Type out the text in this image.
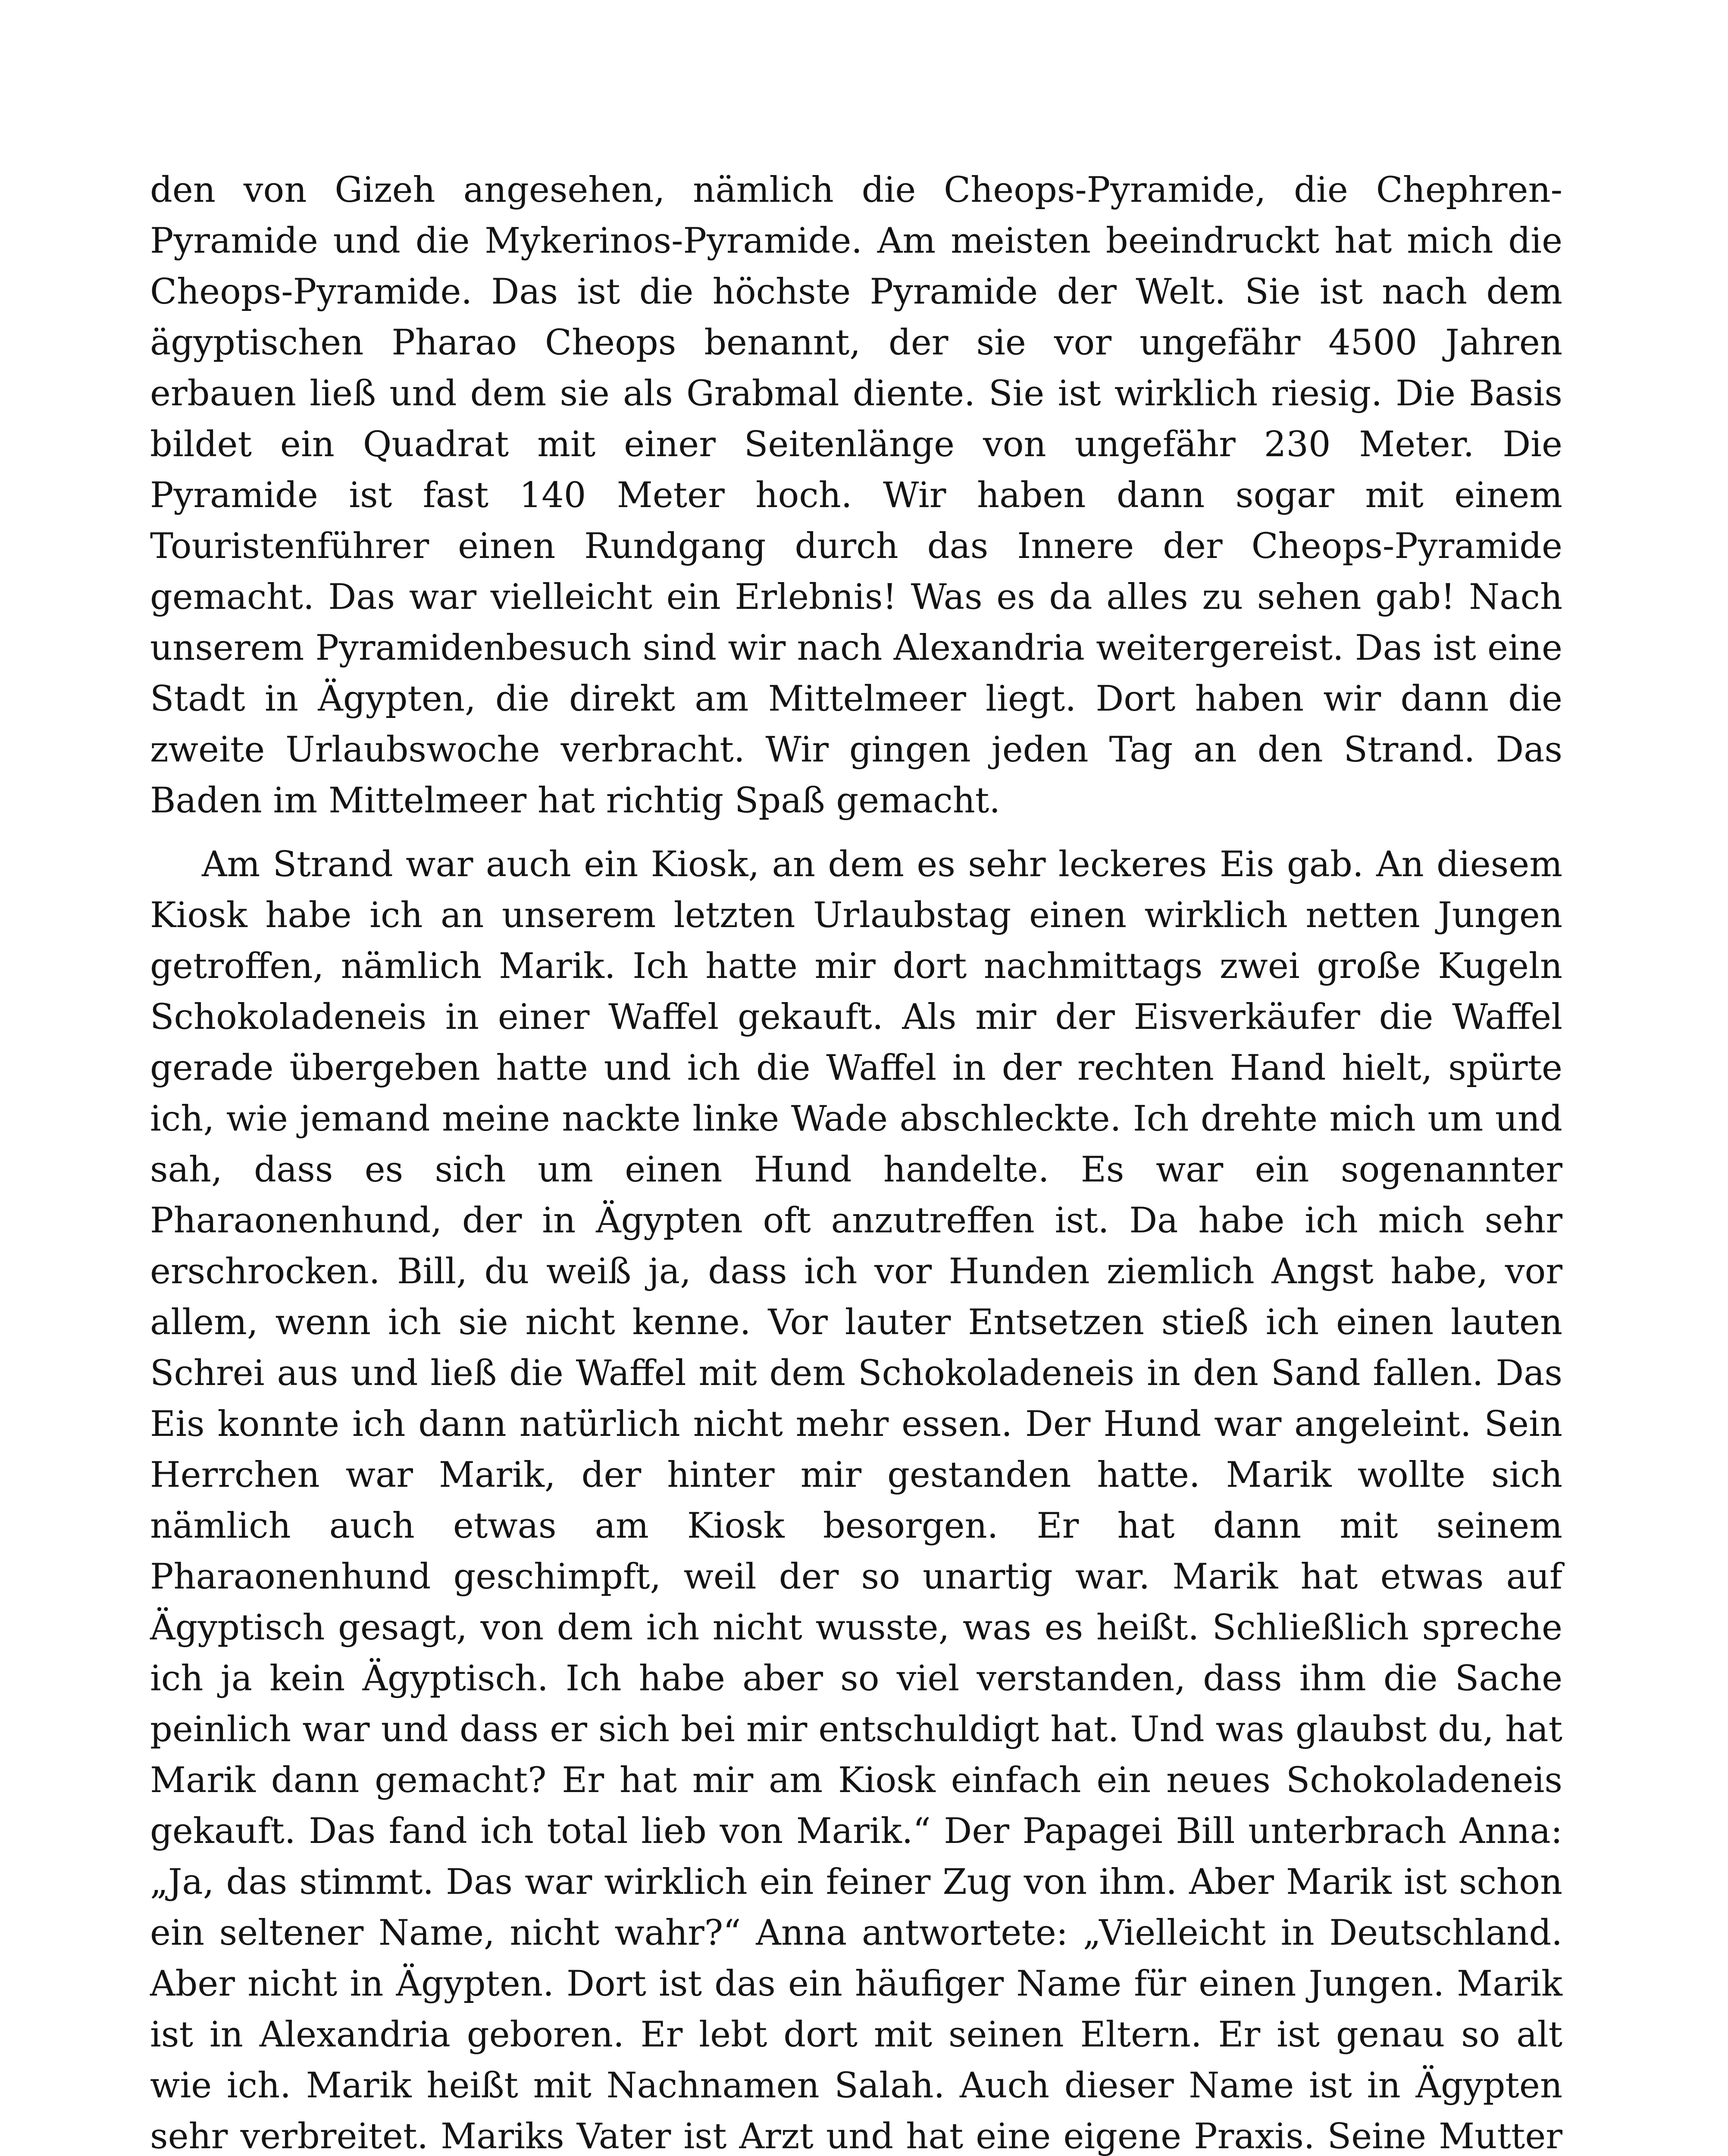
den von Gizeh angesehen, nämlich die Cheops-Pyramide, die Chephren-Pyramide und die Mykerinos-Pyramide. Am meisten beeindruckt hat mich die Cheops-Pyramide. Das ist die höchste Pyramide der Welt. Sie ist nach dem ägyptischen Pharao Cheops benannt, der sie vor ungefähr 4500 Jahren erbauen ließ und dem sie als Grabmal diente. Sie ist wirklich riesig. Die Basis bildet ein Quadrat mit einer Seitenlänge von ungefähr 230 Meter. Die Pyramide ist fast 140 Meter hoch. Wir haben dann sogar mit einem Touristenführer einen Rundgang durch das Innere der Cheops-Pyramide gemacht. Das war vielleicht ein Erlebnis! Was es da alles zu sehen gab! Nach unserem Pyramidenbesuch sind wir nach Alexandria weitergereist. Das ist eine Stadt in Ägypten, die direkt am Mittelmeer liegt. Dort haben wir dann die zweite Urlaubswoche verbracht. Wir gingen jeden Tag an den Strand. Das Baden im Mittelmeer hat richtig Spaß gemacht.

Am Strand war auch ein Kiosk, an dem es sehr leckeres Eis gab. An diesem Kiosk habe ich an unserem letzten Urlaubstag einen wirklich netten Jungen getroffen, nämlich Marik. Ich hatte mir dort nachmittags zwei große Kugeln Schokoladeneis in einer Waffel gekauft. Als mir der Eisverkäufer die Waffel gerade übergeben hatte und ich die Waffel in der rechten Hand hielt, spürte ich, wie jemand meine nackte linke Wade abschleckte. Ich drehte mich um und sah, dass es sich um einen Hund handelte. Es war ein sogenannter Pharaonenhund, der in Ägypten oft anzutreffen ist. Da habe ich mich sehr erschrocken. Bill, du weiß ja, dass ich vor Hunden ziemlich Angst habe, vor allem, wenn ich sie nicht kenne. Vor lauter Entsetzen stieß ich einen lauten Schrei aus und ließ die Waffel mit dem Schokoladeneis in den Sand fallen. Das Eis konnte ich dann natürlich nicht mehr essen. Der Hund war angeleint. Sein Herrchen war Marik, der hinter mir gestanden hatte. Marik wollte sich nämlich auch etwas am Kiosk besorgen. Er hat dann mit seinem Pharaonenhund geschimpft, weil der so unartig war. Marik hat etwas auf Ägyptisch gesagt, von dem ich nicht wusste, was es heißt. Schließlich spreche ich ja kein Ägyptisch. Ich habe aber so viel verstanden, dass ihm die Sache peinlich war und dass er sich bei mir entschuldigt hat. Und was glaubst du, hat Marik dann gemacht? Er hat mir am Kiosk einfach ein neues Schokoladeneis gekauft. Das fand ich total lieb von Marik.“ Der Papagei Bill unterbrach Anna: „Ja, das stimmt. Das war wirklich ein feiner Zug von ihm. Aber Marik ist schon ein seltener Name, nicht wahr?“ Anna antwortete: „Vielleicht in Deutschland. Aber nicht in Ägypten. Dort ist das ein häufiger Name für einen Jungen. Marik ist in Alexandria geboren. Er lebt dort mit seinen Eltern. Er ist genau so alt wie ich. Marik heißt mit Nachnamen Salah. Auch dieser Name ist in Ägypten sehr verbreitet. Mariks Vater ist Arzt und hat eine eigene Praxis. Seine Mutter
